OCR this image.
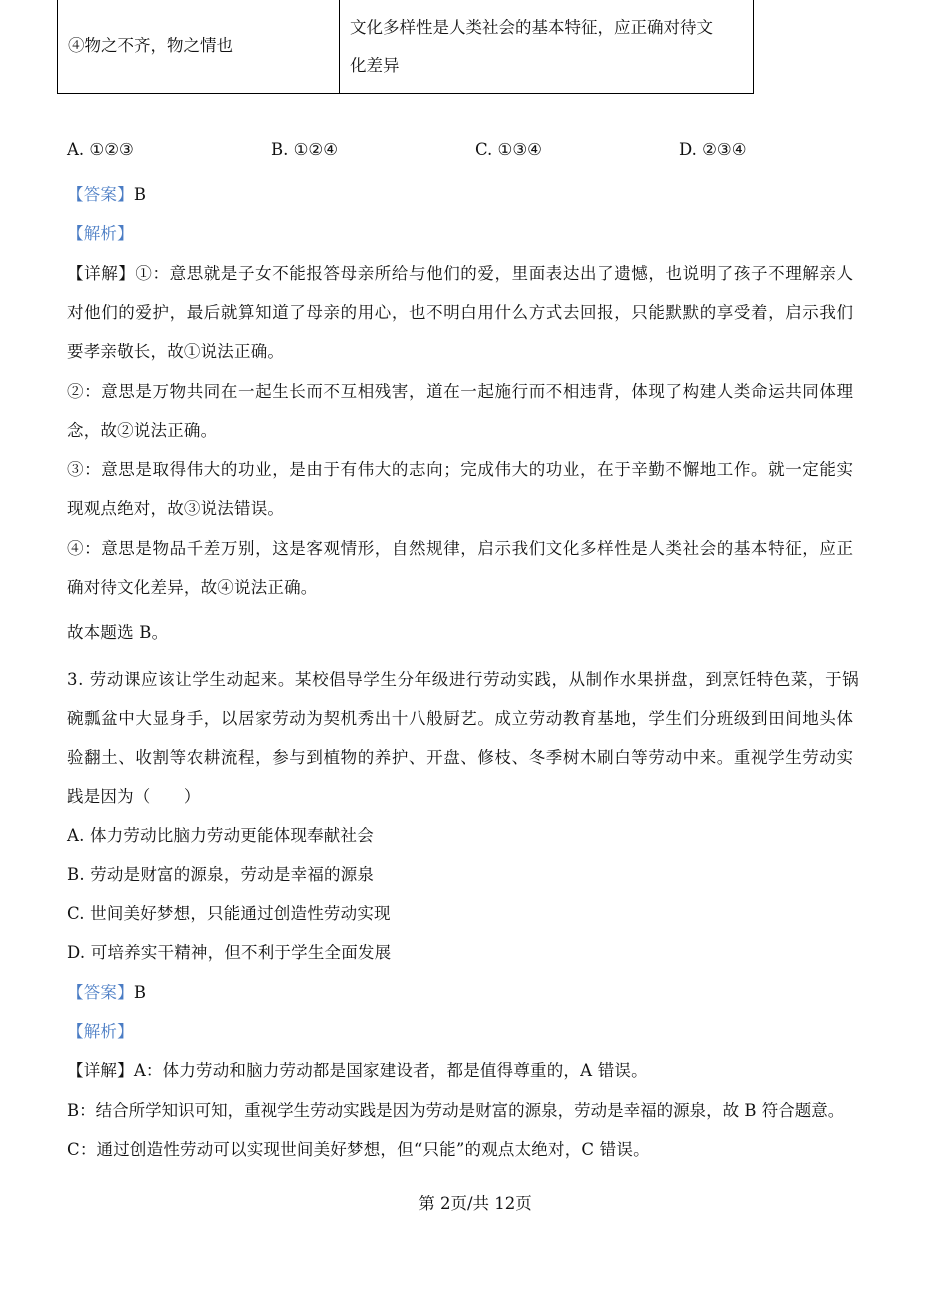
④物之不齐，物之情也	
文化多样性是人类社会的基本特征，应正确对待文
化差异
A. ①②③	B. ①②④	C. ①③④	D. ②③④
【答案】B
【解析】
【详解】①：意思就是子女不能报答母亲所给与他们的爱，里面表达出了遗憾，也说明了孩子不理解亲人
对他们的爱护，最后就算知道了母亲的用心，也不明白用什么方式去回报，只能默默的享受着，启示我们
要孝亲敬长，故①说法正确。
②：意思是万物共同在一起生长而不互相残害，道在一起施行而不相违背，体现了构建人类命运共同体理
念，故②说法正确。
③：意思是取得伟大的功业，是由于有伟大的志向；完成伟大的功业，在于辛勤不懈地工作。就一定能实
现观点绝对，故③说法错误。
④：意思是物品千差万别，这是客观情形，自然规律，启示我们文化多样性是人类社会的基本特征，应正
确对待文化差异，故④说法正确。
故本题选 B。
3. 劳动课应该让学生动起来。某校倡导学生分年级进行劳动实践，从制作水果拼盘，到烹饪特色菜，于锅
碗瓢盆中大显身手，以居家劳动为契机秀出十八般厨艺。成立劳动教育基地，学生们分班级到田间地头体
验翻土、收割等农耕流程，参与到植物的养护、开盘、修枝、冬季树木刷白等劳动中来。重视学生劳动实
践是因为（　　）
A. 体力劳动比脑力劳动更能体现奉献社会
B. 劳动是财富的源泉，劳动是幸福的源泉
C. 世间美好梦想，只能通过创造性劳动实现
D. 可培养实干精神，但不利于学生全面发展
【答案】B
【解析】
【详解】A：体力劳动和脑力劳动都是国家建设者，都是值得尊重的，A 错误。
B：结合所学知识可知，重视学生劳动实践是因为劳动是财富的源泉，劳动是幸福的源泉，故 B 符合题意。
C：通过创造性劳动可以实现世间美好梦想，但“只能”的观点太绝对，C 错误。
第 2页/共 12页
